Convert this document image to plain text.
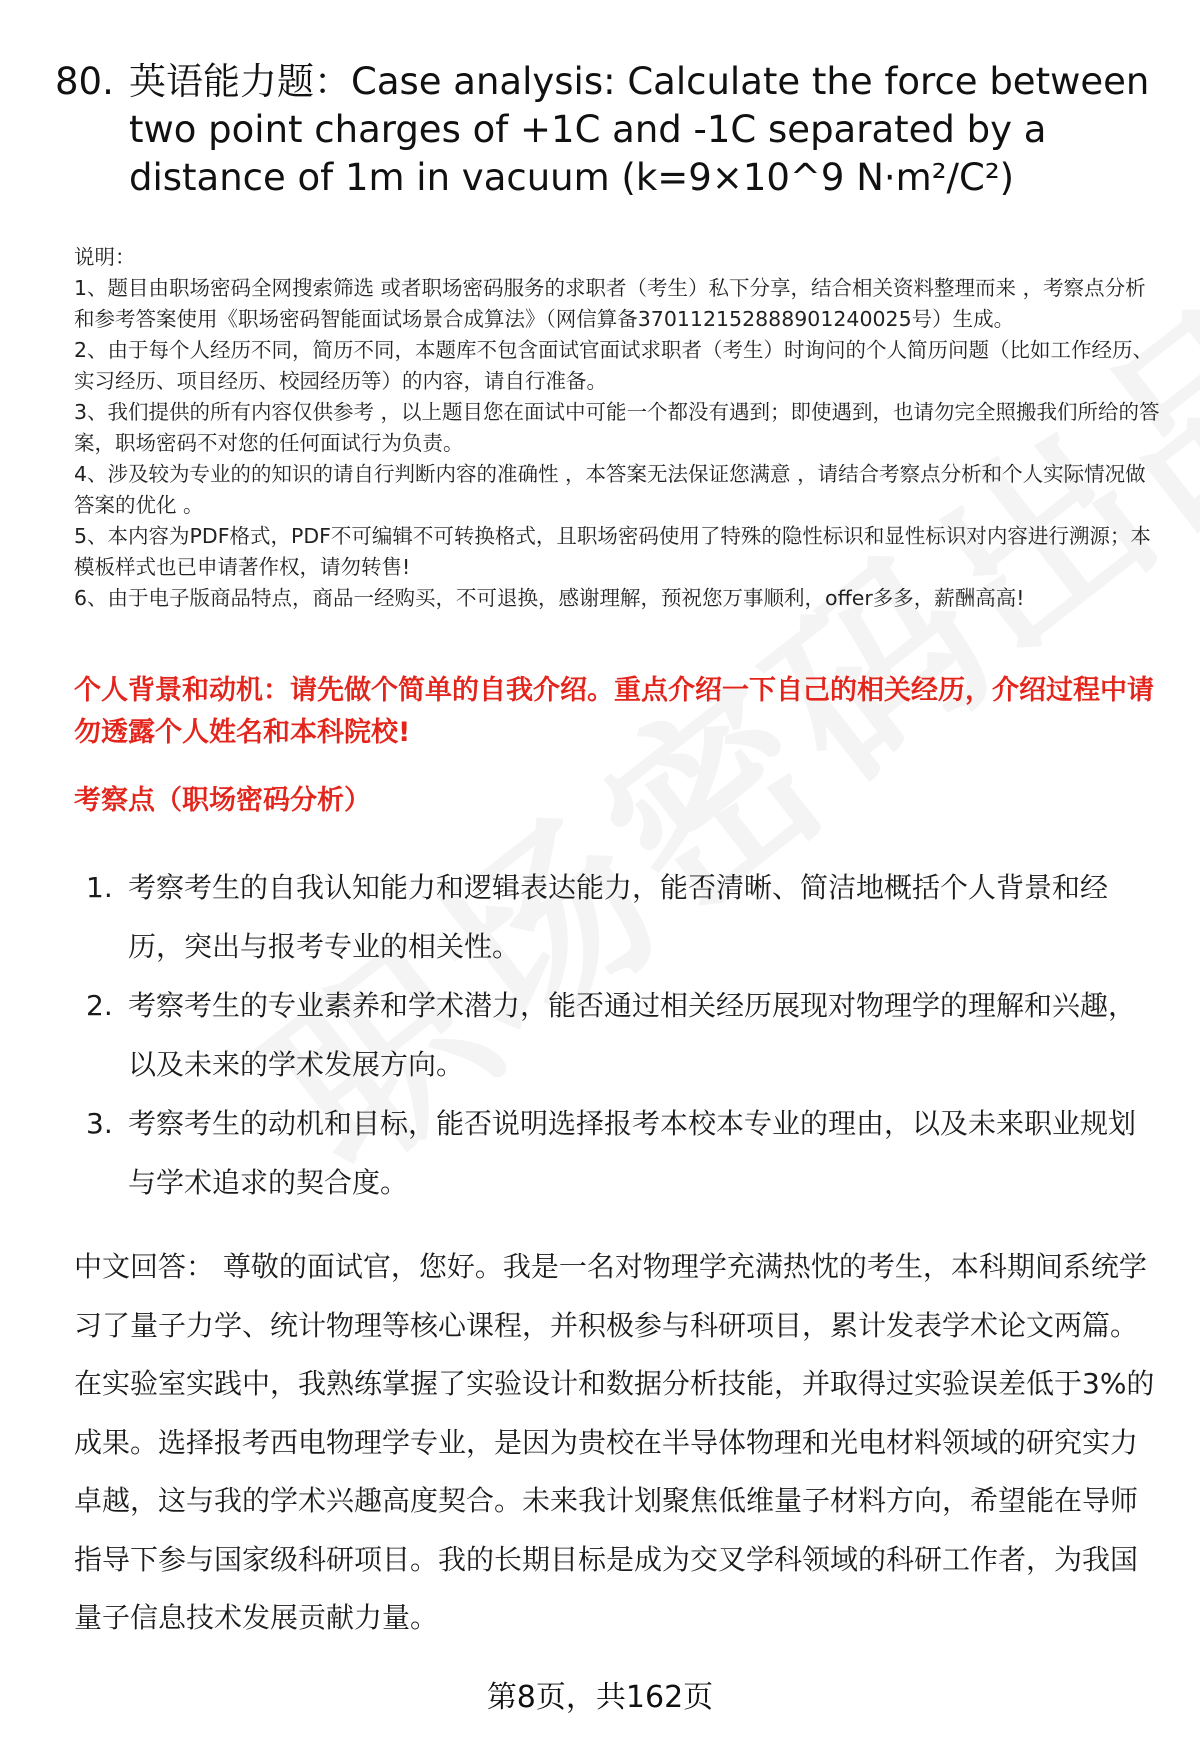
80. 英语能力题：Case analysis: Calculate the force between two point charges of +1C and -1C separated by a distance of 1m in vacuum (k=9×10^9 N·m²/C²)

说明：

1、题目由职场密码全网搜索筛选 或者职场密码服务的求职者（考生）私下分享，结合相关资料整理而来 ，考察点分析和参考答案使用《职场密码智能面试场景合成算法》（网信算备370112152888901240025号）生成。

2、由于每个人经历不同，简历不同，本题库不包含面试官面试求职者（考生）时询问的个人简历问题（比如工作经历、实习经历、项目经历、校园经历等）的内容，请自行准备。

3、我们提供的所有内容仅供参考 ，以上题目您在面试中可能一个都没有遇到；即使遇到，也请勿完全照搬我们所给的答案，职场密码不对您的任何面试行为负责。

4、涉及较为专业的的知识的请自行判断内容的准确性 ，本答案无法保证您满意 ，请结合考察点分析和个人实际情况做答案的优化 。

5、本内容为PDF格式，PDF不可编辑不可转换格式，且职场密码使用了特殊的隐性标识和显性标识对内容进行溯源；本模板样式也已申请著作权，请勿转售!

6、由于电子版商品特点，商品一经购买，不可退换，感谢理解，预祝您万事顺利，offer多多，薪酬高高!

个人背景和动机：请先做个简单的自我介绍。重点介绍一下自己的相关经历，介绍过程中请勿透露个人姓名和本科院校!

考察点（职场密码分析）

1. 考察考生的自我认知能力和逻辑表达能力，能否清晰、简洁地概括个人背景和经历，突出与报考专业的相关性。
2. 考察考生的专业素养和学术潜力，能否通过相关经历展现对物理学的理解和兴趣，以及未来的学术发展方向。
3. 考察考生的动机和目标，能否说明选择报考本校本专业的理由，以及未来职业规划与学术追求的契合度。

中文回答： 尊敬的面试官，您好。我是一名对物理学充满热忱的考生，本科期间系统学习了量子力学、统计物理等核心课程，并积极参与科研项目，累计发表学术论文两篇。在实验室实践中，我熟练掌握了实验设计和数据分析技能，并取得过实验误差低于3%的成果。选择报考西电物理学专业，是因为贵校在半导体物理和光电材料领域的研究实力卓越，这与我的学术兴趣高度契合。未来我计划聚焦低维量子材料方向，希望能在导师指导下参与国家级科研项目。我的长期目标是成为交叉学科领域的科研工作者，为我国量子信息技术发展贡献力量。

第8页，共162页
